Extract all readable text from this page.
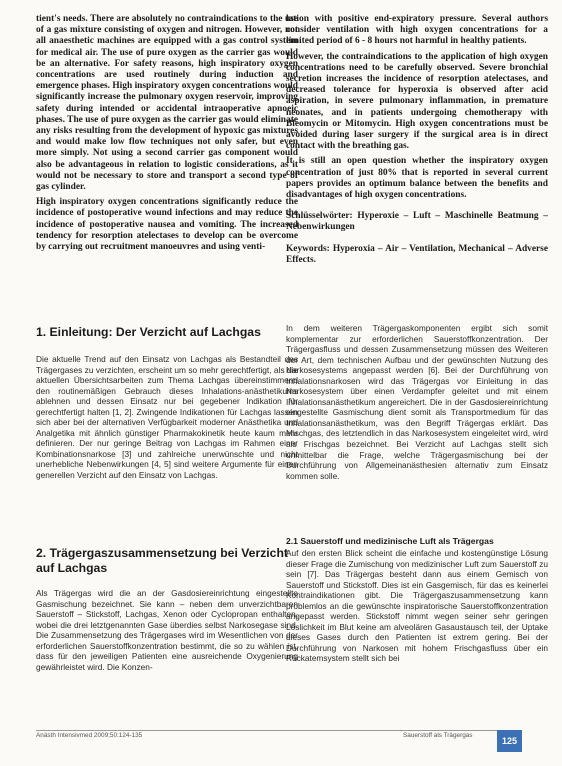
tient's needs. There are absolutely no contraindications to the use of a gas mixture consisting of oxygen and nitrogen. However, not all anaesthetic machines are equipped with a gas control system for medical air. The use of pure oxygen as the carrier gas would be an alternative. For safety reasons, high inspiratory oxygen concentrations are used routinely during induction and emergence phases. High inspiratory oxygen concentrations would significantly increase the pulmonary oxygen reservoir, improving safety during intended or accidental intraoperative apnoeic phases. The use of pure oxygen as the carrier gas would eliminate any risks resulting from the development of hypoxic gas mixtures and would make low flow techniques not only safer, but even more simply. Not using a second carrier gas component would also be advantageous in relation to logistic considerations, as it would not be necessary to store and transport a second type of gas cylinder.

High inspiratory oxygen concentrations significantly reduce the incidence of postoperative wound infections and may reduce the incidence of postoperative nausea and vomiting. The increased tendency for resorption atelectases to develop can be overcome by carrying out recruitment manoeuvres and using venti-

lation with positive end-expiratory pressure. Several authors consider ventilation with high oxygen concentrations for a limited period of 6 - 8 hours not harmful in healthy patients.

However, the contraindications to the application of high oxygen concentrations need to be carefully observed. Severe bronchial secretion increases the incidence of resorption atelectases, and decreased tolerance for hyperoxia is observed after acid aspiration, in severe pulmonary inflammation, in premature neonates, and in patients undergoing chemotherapy with Bleomycin or Mitomycin. High oxygen concentrations must be avoided during laser surgery if the surgical area is in direct contact with the breathing gas.

It is still an open question whether the inspiratory oxygen concentration of just 80% that is reported in several current papers provides an optimum balance between the benefits and disadvantages of high oxygen concentrations.

Schlüsselwörter: Hyperoxie – Luft – Maschinelle Beatmung – Nebenwirkungen
Keywords: Hyperoxia – Air – Ventilation, Mechanical – Adverse Effects.
1. Einleitung: Der Verzicht auf Lachgas

Die aktuelle Trend auf den Einsatz von Lachgas als Bestandteil des Trägergases zu verzichten, erscheint um so mehr gerechtfertigt, als die aktuellen Übersichtsarbeiten zum Thema Lachgas übereinstimmend den routinemäßigen Gebrauch dieses Inhalations-anästhetikums ablehnen und dessen Einsatz nur bei gegebener Indikation für gerechtfertigt halten [1, 2]. Zwingende Indikationen für Lachgas lassen sich aber bei der alternativen Verfügbarkeit moderner Anästhetika und Analgetika mit ähnlich günstiger Pharmakokinetik heute kaum mehr definieren. Der nur geringe Beitrag von Lachgas im Rahmen einer Kombinationsnarkose [3] und zahlreiche unerwünschte und nicht unerhebliche Nebenwirkungen [4, 5] sind weitere Argumente für einen generellen Verzicht auf den Einsatz von Lachgas.

In dem weiteren Trägergaskomponenten ergibt sich somit komplementar zur erforderlichen Sauerstoffkonzentration. Der Trägergasfluss und dessen Zusammensetzung müssen des Weiteren der Art, dem technischen Aufbau und der gewünschten Nutzung des Narkosesystems angepasst werden [6]. Bei der Durchführung von Inhalationsnarkosen wird das Trägergas vor Einleitung in das Narkosesystem über einen Verdampfer geleitet und mit einem Inhalationsanästhetikum angereichert. Die in der Gasdosiereinrichtung eingestellte Gasmischung dient somit als Transportmedium für das Inhalationsanästhetikum, was den Begriff Trägergas erklärt. Das Mischgas, des letztendlich in das Narkosesystem eingeleitet wird, wird als Frischgas bezeichnet. Bei Verzicht auf Lachgas stellt sich unmittelbar die Frage, welche Trägergasmischung bei der Durchführung von Allgemeinanästhesien alternativ zum Einsatz kommen solle.

2. Trägergaszusammensetzung bei Verzicht auf Lachgas

Als Trägergas wird die an der Gasdosiereinrichtung eingestellte Gasmischung bezeichnet. Sie kann – neben dem unverzichtbaren Sauerstoff – Stickstoff, Lachgas, Xenon oder Cyclopropan enthalten, wobei die drei letztgenannten Gase überdies selbst Narkosegase sind. Die Zusammensetzung des Trägergases wird im Wesentlichen von der erforderlichen Sauerstoffkonzentration bestimmt, die so zu wählen ist, dass für den jeweiligen Patienten eine ausreichende Oxygenierung gewährleistet wird. Die Konzen-

2.1 Sauerstoff und medizinische Luft als Trägergas

Auf den ersten Blick scheint die einfache und kostengünstige Lösung dieser Frage die Zumischung von medizinischer Luft zum Sauerstoff zu sein [7]. Das Trägergas besteht dann aus einem Gemisch von Sauerstoff und Stickstoff. Dies ist ein Gasgemisch, für das es keinerlei Kontraindikationen gibt. Die Trägergaszusammensetzung kann problemlos an die gewünschte inspiratorische Sauerstoffkonzentration angepasst werden. Stickstoff nimmt wegen seiner sehr geringen Löslichkeit im Blut keine am alveolären Gasaustausch teil, der Uptake dieses Gases durch den Patienten ist extrem gering. Bei der Durchführung von Narkosen mit hohem Frischgasfluss über ein Rückatemsystem stellt sich bei

Anästh Intensivmed 2009;50:124-135	Sauerstoff als Trägergas
125
